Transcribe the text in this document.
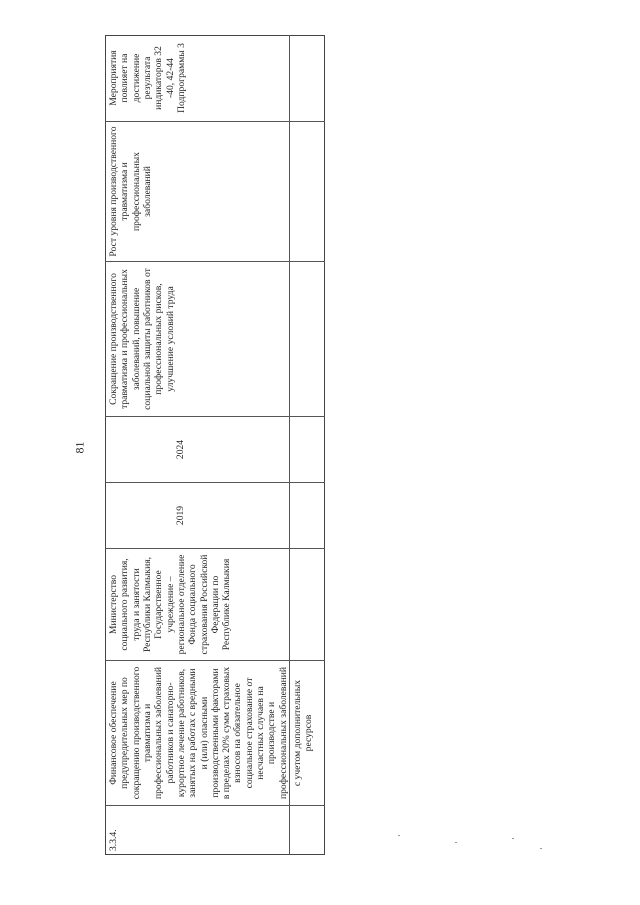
81
3.3.4.
Финансовое обеспечение предупредительных мер по сокращению производственного травматизма и профессиональных заболеваний работников и санаторно-курортное лечение работников, занятых на работах с вредными и (или) опасными производственными факторами в пределах 20% сумм страховых взносов на обязательное социальное страхование от несчастных случаев на производстве и профессиональных заболеваний
Министерство социального развития, труда и занятости Республики Калмыкия, Государственное учреждение – региональное отделение Фонда социального страхования Российской Федерации по Республике Калмыкия
2019
2024
Сокращение производственного травматизма и профессиональных заболеваний, повышение социальной защиты работников от профессиональных рисков, улучшение условий труда
Рост уровня производственного травматизма и профессиональных заболеваний
Мероприятия повлияет на достижение результата индикаторов 32 -40, 42-44 Подпрограммы 3
с учетом дополнительных ресурсов
